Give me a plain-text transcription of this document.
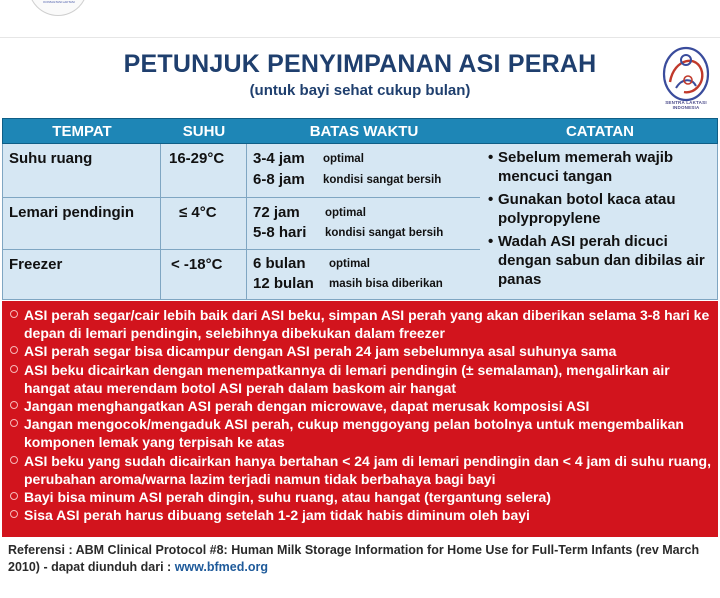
KONSULTASI LAKTASI
PETUNJUK PENYIMPANAN ASI PERAH
(untuk bayi sehat cukup bulan)
SENTRA LAKTASI INDONESIA
TEMPAT	SUHU	BATAS WAKTU	CATATAN
Suhu ruang	16-29°C 3-4 jam optimal
6-8 jam kondisi sangat bersih
Lemari pendingin	≤ 4°C 72 jam optimal
5-8 hari kondisi sangat bersih
Freezer	< -18°C 6 bulan optimal
12 bulan masih bisa diberikan
• Sebelum memerah wajib mencuci tangan
• Gunakan botol kaca atau polypropylene
• Wadah ASI perah dicuci dengan sabun dan dibilas air panas
ASI perah segar/cair lebih baik dari ASI beku, simpan ASI perah yang akan diberikan selama 3-8 hari ke depan di lemari pendingin, selebihnya dibekukan dalam freezer
ASI perah segar bisa dicampur dengan ASI perah 24 jam sebelumnya asal suhunya sama
ASI beku dicairkan dengan menempatkannya di lemari pendingin (± semalaman), mengalirkan air hangat atau merendam botol ASI perah dalam baskom air hangat
Jangan menghangatkan ASI perah dengan microwave, dapat merusak komposisi ASI
Jangan mengocok/mengaduk ASI perah, cukup menggoyang pelan botolnya untuk mengembalikan komponen lemak yang terpisah ke atas
ASI beku yang sudah dicairkan hanya bertahan < 24 jam di lemari pendingin dan < 4 jam di suhu ruang, perubahan aroma/warna lazim terjadi namun tidak berbahaya bagi bayi
Bayi bisa minum ASI perah dingin, suhu ruang, atau hangat (tergantung selera)
Sisa ASI perah harus dibuang setelah 1-2 jam tidak habis diminum oleh bayi
Referensi : ABM Clinical Protocol #8: Human Milk Storage Information for Home Use for Full-Term Infants (rev March 2010) - dapat diunduh dari : www.bfmed.org
